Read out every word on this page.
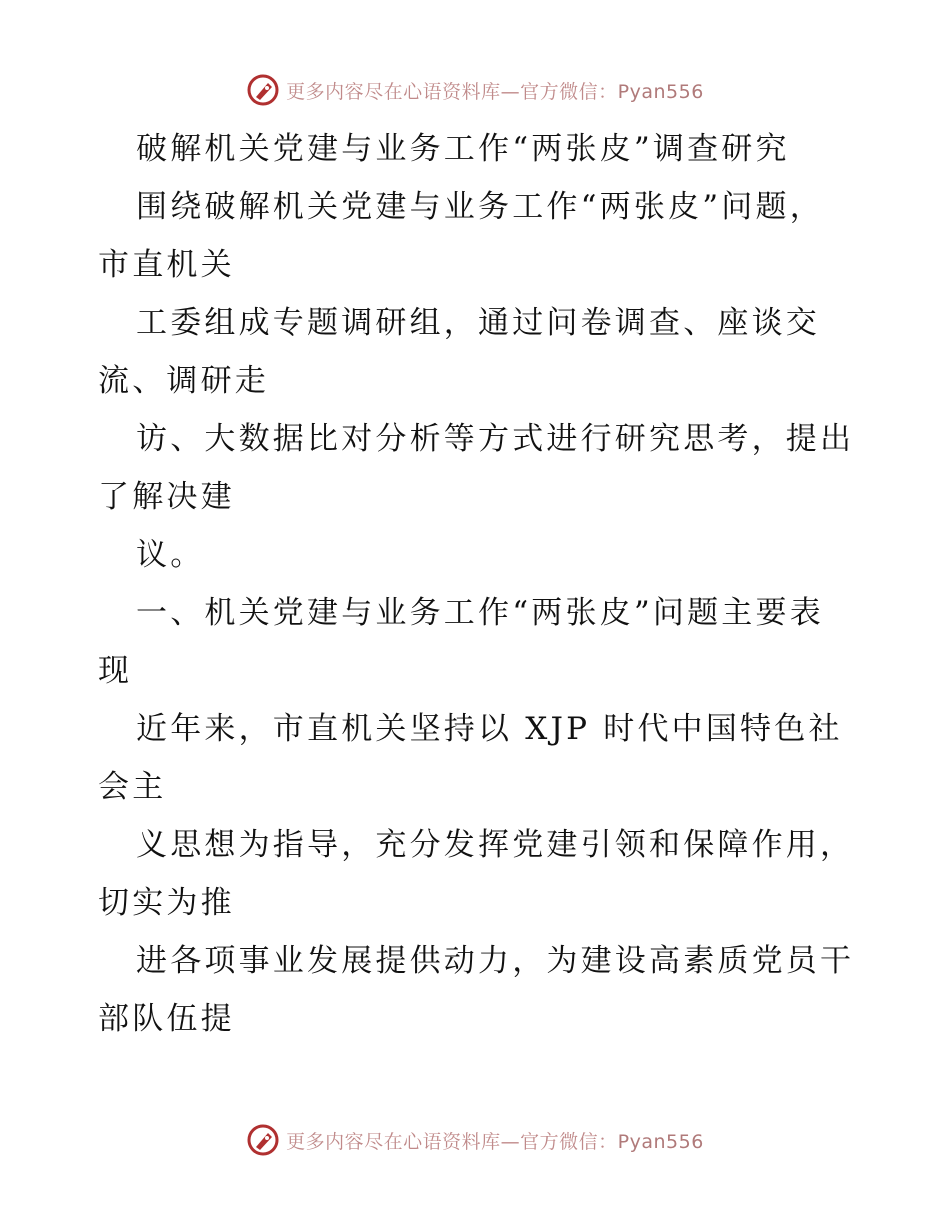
更多内容尽在心语资料库—官方微信：Pyan556
破解机关党建与业务工作“两张皮”调查研究
围绕破解机关党建与业务工作“两张皮”问题，
市直机关
工委组成专题调研组，通过问卷调查、座谈交
流、调研走
访、大数据比对分析等方式进行研究思考，提出
了解决建
议。
一、机关党建与业务工作“两张皮”问题主要表
现
近年来，市直机关坚持以 XJP 时代中国特色社
会主
义思想为指导，充分发挥党建引领和保障作用，
切实为推
进各项事业发展提供动力，为建设高素质党员干
部队伍提
更多内容尽在心语资料库—官方微信：Pyan556
